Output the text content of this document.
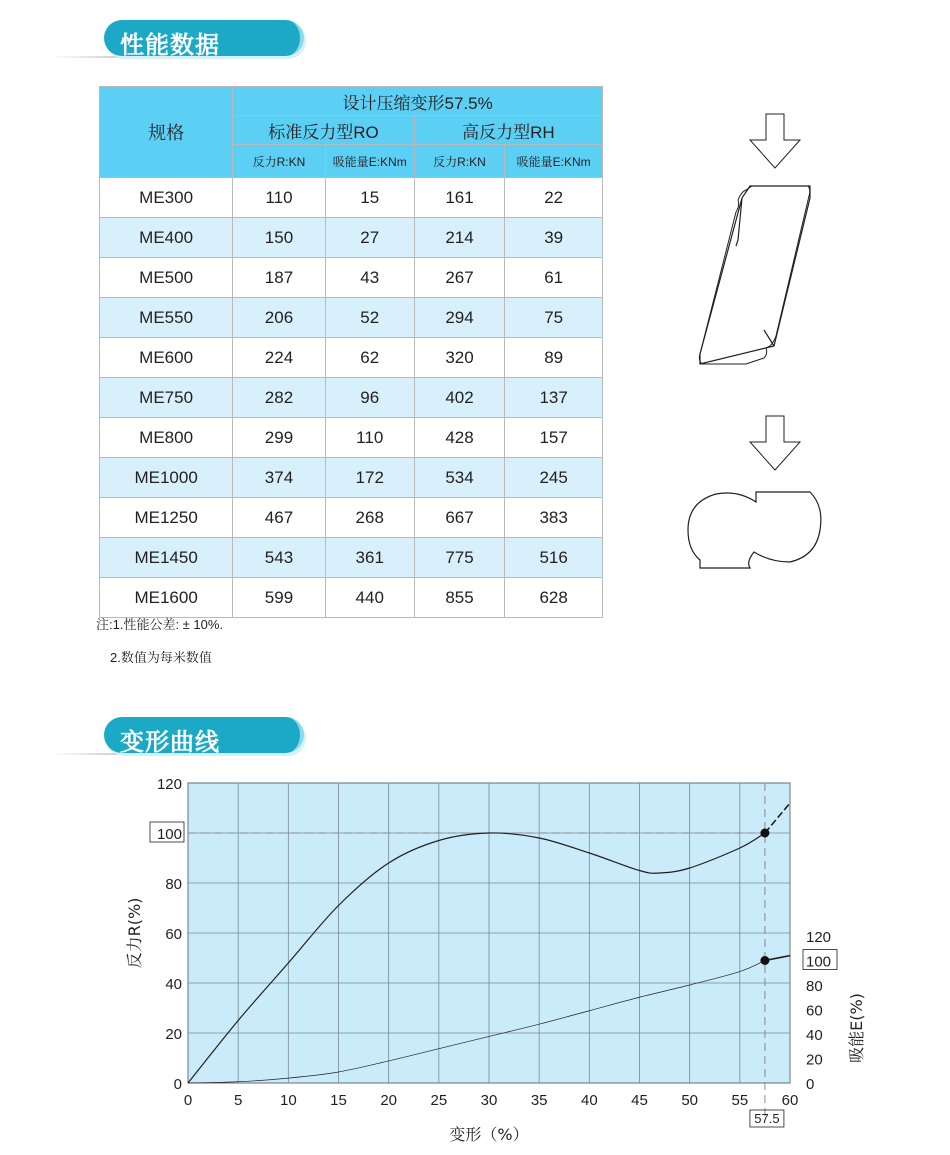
性能数据
规格	设计压缩变形57.5%			
	标准反力型RO		高反力型RH	
	反力R:KN	吸能量E:KNm	反力R:KN	吸能量E:KNm
ME300	110	15	161	22
ME400	150	27	214	39
ME500	187	43	267	61
ME550	206	52	294	75
ME600	224	62	320	89
ME750	282	96	402	137
ME800	299	110	428	157
ME1000	374	172	534	245
ME1250	467	268	667	383
ME1450	543	361	775	516
ME1600	599	440	855	628
注:1.性能公差: ± 10%.
2.数值为每米数值
变形曲线
0	5	10 15 20 25 30 35 40 45 50 55 60
57.5
0
20
40
60
80
100
120
0
20
40
60
80
100
120
反力R(%)
吸能E(%)
变形（%）
